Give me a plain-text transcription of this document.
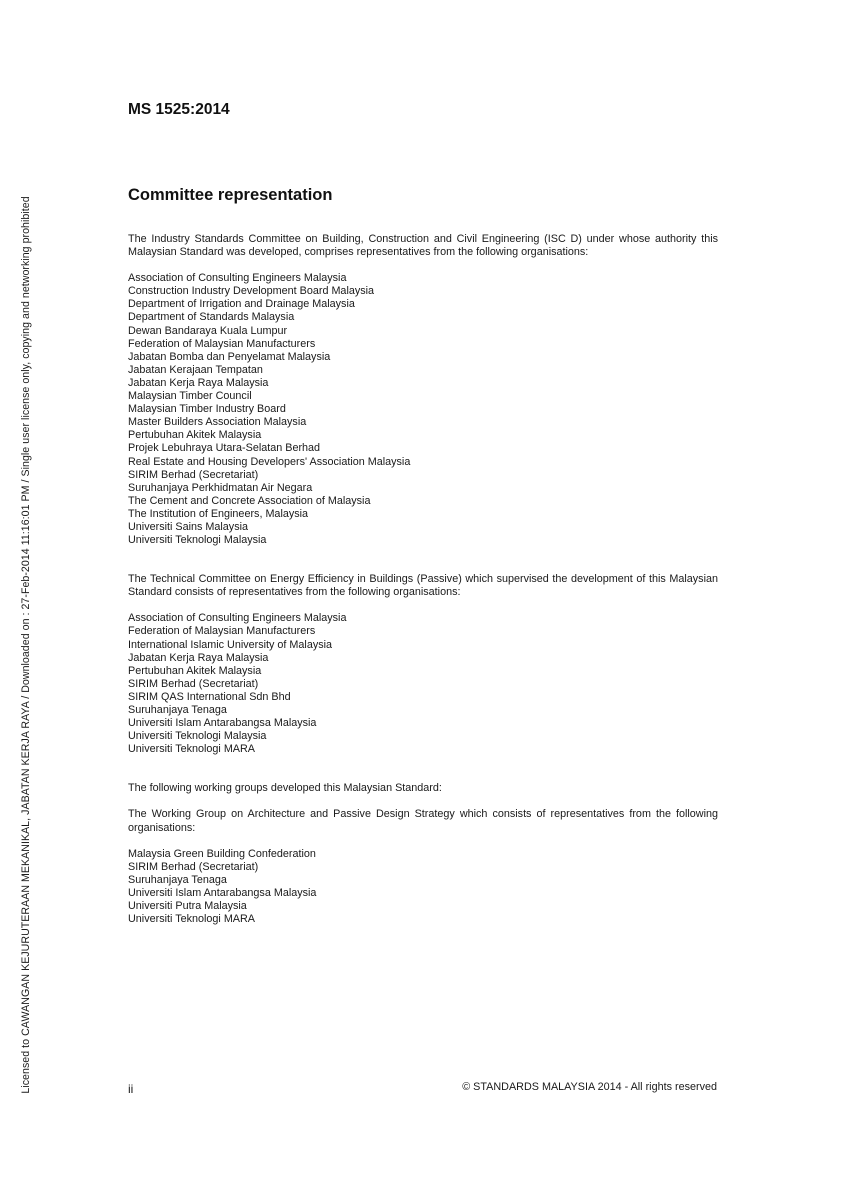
Licensed to CAWANGAN KEJURUTERAAN MEKANIKAL, JABATAN KERJA RAYA / Downloaded on : 27-Feb-2014 11:16:01 PM / Single user license only, copying and networking prohibited
MS 1525:2014
Committee representation

The Industry Standards Committee on Building, Construction and Civil Engineering (ISC D) under whose authority this Malaysian Standard was developed, comprises representatives from the following organisations:

Association of Consulting Engineers Malaysia
Construction Industry Development Board Malaysia
Department of Irrigation and Drainage Malaysia
Department of Standards Malaysia
Dewan Bandaraya Kuala Lumpur
Federation of Malaysian Manufacturers
Jabatan Bomba dan Penyelamat Malaysia
Jabatan Kerajaan Tempatan
Jabatan Kerja Raya Malaysia
Malaysian Timber Council
Malaysian Timber Industry Board
Master Builders Association Malaysia
Pertubuhan Akitek Malaysia
Projek Lebuhraya Utara-Selatan Berhad
Real Estate and Housing Developers' Association Malaysia
SIRIM Berhad (Secretariat)
Suruhanjaya Perkhidmatan Air Negara
The Cement and Concrete Association of Malaysia
The Institution of Engineers, Malaysia
Universiti Sains Malaysia
Universiti Teknologi Malaysia

The Technical Committee on Energy Efficiency in Buildings (Passive) which supervised the development of this Malaysian Standard consists of representatives from the following organisations:

Association of Consulting Engineers Malaysia
Federation of Malaysian Manufacturers
International Islamic University of Malaysia
Jabatan Kerja Raya Malaysia
Pertubuhan Akitek Malaysia
SIRIM Berhad (Secretariat)
SIRIM QAS International Sdn Bhd
Suruhanjaya Tenaga
Universiti Islam Antarabangsa Malaysia
Universiti Teknologi Malaysia
Universiti Teknologi MARA

The following working groups developed this Malaysian Standard:

The Working Group on Architecture and Passive Design Strategy which consists of representatives from the following organisations:

Malaysia Green Building Confederation
SIRIM Berhad (Secretariat)
Suruhanjaya Tenaga
Universiti Islam Antarabangsa Malaysia
Universiti Putra Malaysia
Universiti Teknologi MARA
ii	© STANDARDS MALAYSIA 2014 - All rights reserved
